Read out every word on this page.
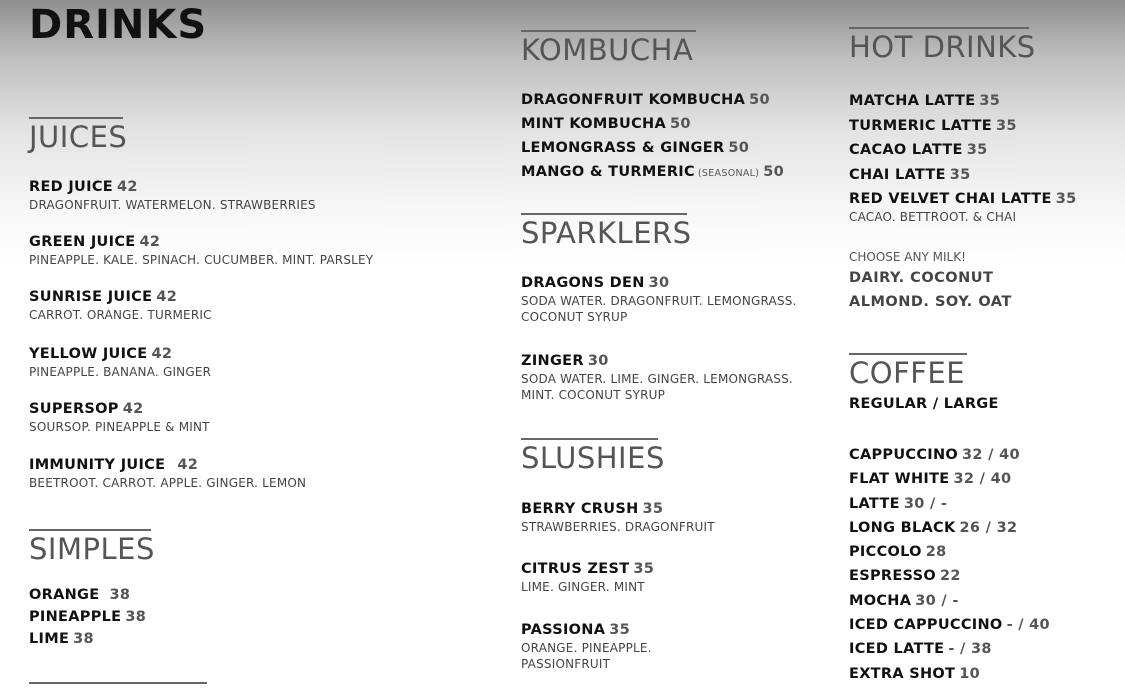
DRINKS
JUICES
RED JUICE 42
DRAGONFRUIT. WATERMELON. STRAWBERRIES
GREEN JUICE 42
PINEAPPLE. KALE. SPINACH. CUCUMBER. MINT. PARSLEY
SUNRISE JUICE 42
CARROT. ORANGE. TURMERIC
YELLOW JUICE 42
PINEAPPLE. BANANA. GINGER
SUPERSOP 42
SOURSOP. PINEAPPLE & MINT
IMMUNITY JUICE 42
BEETROOT. CARROT. APPLE. GINGER. LEMON
SIMPLES
ORANGE 38
PINEAPPLE 38
LIME 38
KOMBUCHA
DRAGONFRUIT KOMBUCHA 50
MINT KOMBUCHA 50
LEMONGRASS & GINGER 50
MANGO & TURMERIC (SEASONAL) 50
SPARKLERS
DRAGONS DEN 30
SODA WATER. DRAGONFRUIT. LEMONGRASS.
COCONUT SYRUP
ZINGER 30
SODA WATER. LIME. GINGER. LEMONGRASS.
MINT. COCONUT SYRUP
SLUSHIES
BERRY CRUSH 35
STRAWBERRIES. DRAGONFRUIT
CITRUS ZEST 35
LIME. GINGER. MINT
PASSIONA 35
ORANGE. PINEAPPLE.
PASSIONFRUIT
HOT DRINKS
MATCHA LATTE 35
TURMERIC LATTE 35
CACAO LATTE 35
CHAI LATTE 35
RED VELVET CHAI LATTE 35
CACAO. BETTROOT. & CHAI
CHOOSE ANY MILK!
DAIRY. COCONUT
ALMOND. SOY. OAT
COFFEE
REGULAR / LARGE
CAPPUCCINO 32 / 40
FLAT WHITE 32 / 40
LATTE 30 / -
LONG BLACK 26 / 32
PICCOLO 28
ESPRESSO 22
MOCHA 30 / -
ICED CAPPUCCINO - / 40
ICED LATTE - / 38
EXTRA SHOT 10
